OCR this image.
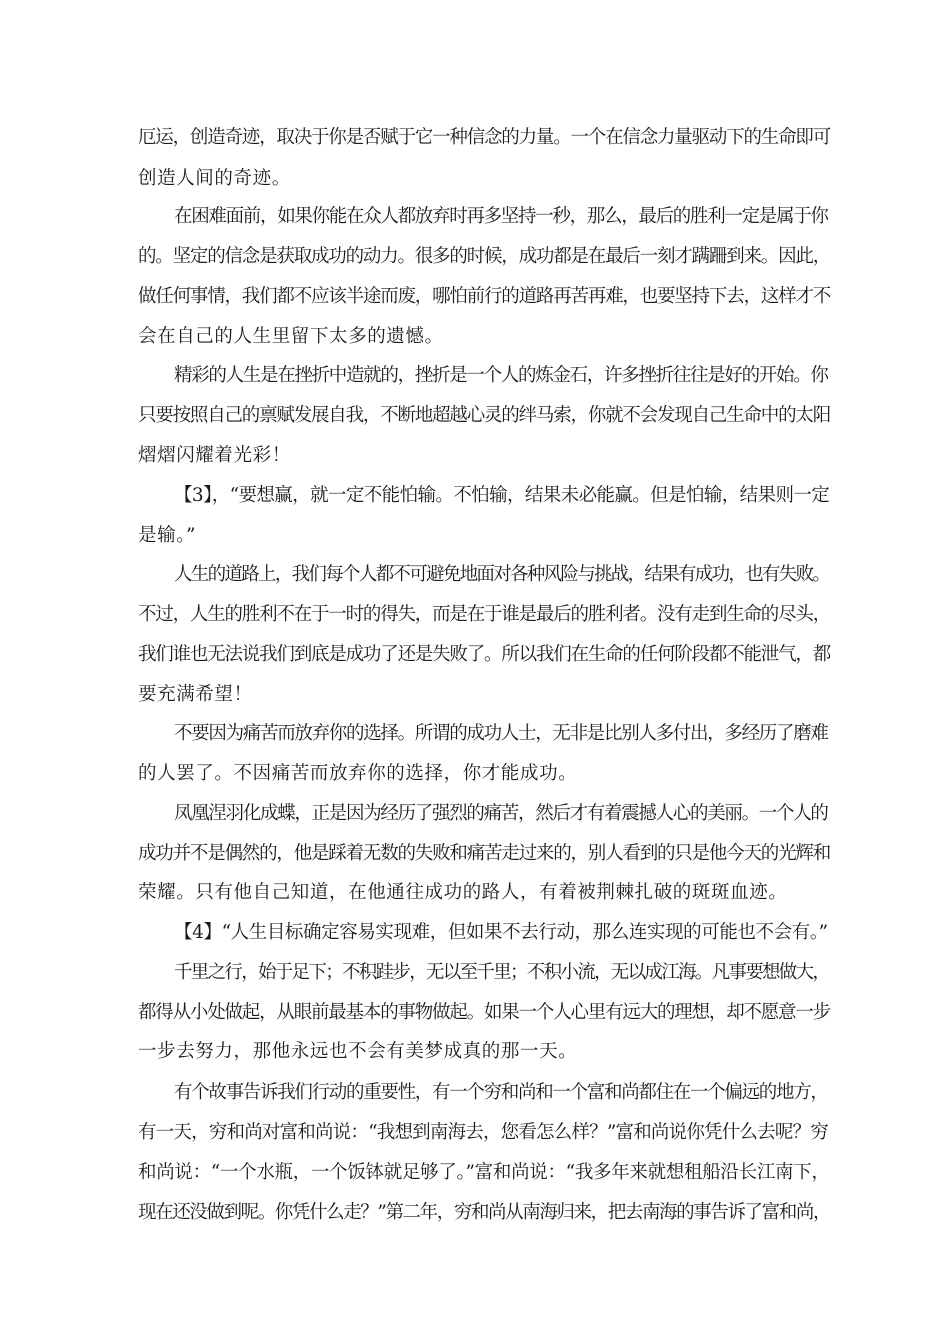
厄运，创造奇迹，取决于你是否赋于它一种信念的力量。一个在信念力量驱动下的生命即可
创造人间的奇迹。
在困难面前，如果你能在众人都放弃时再多坚持一秒，那么，最后的胜利一定是属于你
的。坚定的信念是获取成功的动力。很多的时候，成功都是在最后一刻才蹒跚到来。因此，
做任何事情，我们都不应该半途而废，哪怕前行的道路再苦再难，也要坚持下去，这样才不
会在自己的人生里留下太多的遗憾。
精彩的人生是在挫折中造就的，挫折是一个人的炼金石，许多挫折往往是好的开始。你
只要按照自己的禀赋发展自我，不断地超越心灵的绊马索，你就不会发现自己生命中的太阳
熠熠闪耀着光彩！
【3】，“要想赢，就一定不能怕输。不怕输，结果未必能赢。但是怕输，结果则一定
是输。”
人生的道路上，我们每个人都不可避免地面对各种风险与挑战，结果有成功，也有失败。
不过，人生的胜利不在于一时的得失，而是在于谁是最后的胜利者。没有走到生命的尽头，
我们谁也无法说我们到底是成功了还是失败了。所以我们在生命的任何阶段都不能泄气，都
要充满希望！
不要因为痛苦而放弃你的选择。所谓的成功人士，无非是比别人多付出，多经历了磨难
的人罢了。不因痛苦而放弃你的选择，你才能成功。
凤凰涅羽化成蝶，正是因为经历了强烈的痛苦，然后才有着震撼人心的美丽。一个人的
成功并不是偶然的，他是踩着无数的失败和痛苦走过来的，别人看到的只是他今天的光辉和
荣耀。只有他自己知道，在他通往成功的路人，有着被荆棘扎破的斑斑血迹。
【4】“人生目标确定容易实现难，但如果不去行动，那么连实现的可能也不会有。”
千里之行，始于足下；不积跬步，无以至千里；不积小流，无以成江海。凡事要想做大，
都得从小处做起，从眼前最基本的事物做起。如果一个人心里有远大的理想，却不愿意一步
一步去努力，那他永远也不会有美梦成真的那一天。
有个故事告诉我们行动的重要性，有一个穷和尚和一个富和尚都住在一个偏远的地方，
有一天，穷和尚对富和尚说：“我想到南海去，您看怎么样？”富和尚说你凭什么去呢？穷
和尚说：“一个水瓶，一个饭钵就足够了。”富和尚说：“我多年来就想租船沿长江南下，
现在还没做到呢。你凭什么走？”第二年，穷和尚从南海归来，把去南海的事告诉了富和尚，
